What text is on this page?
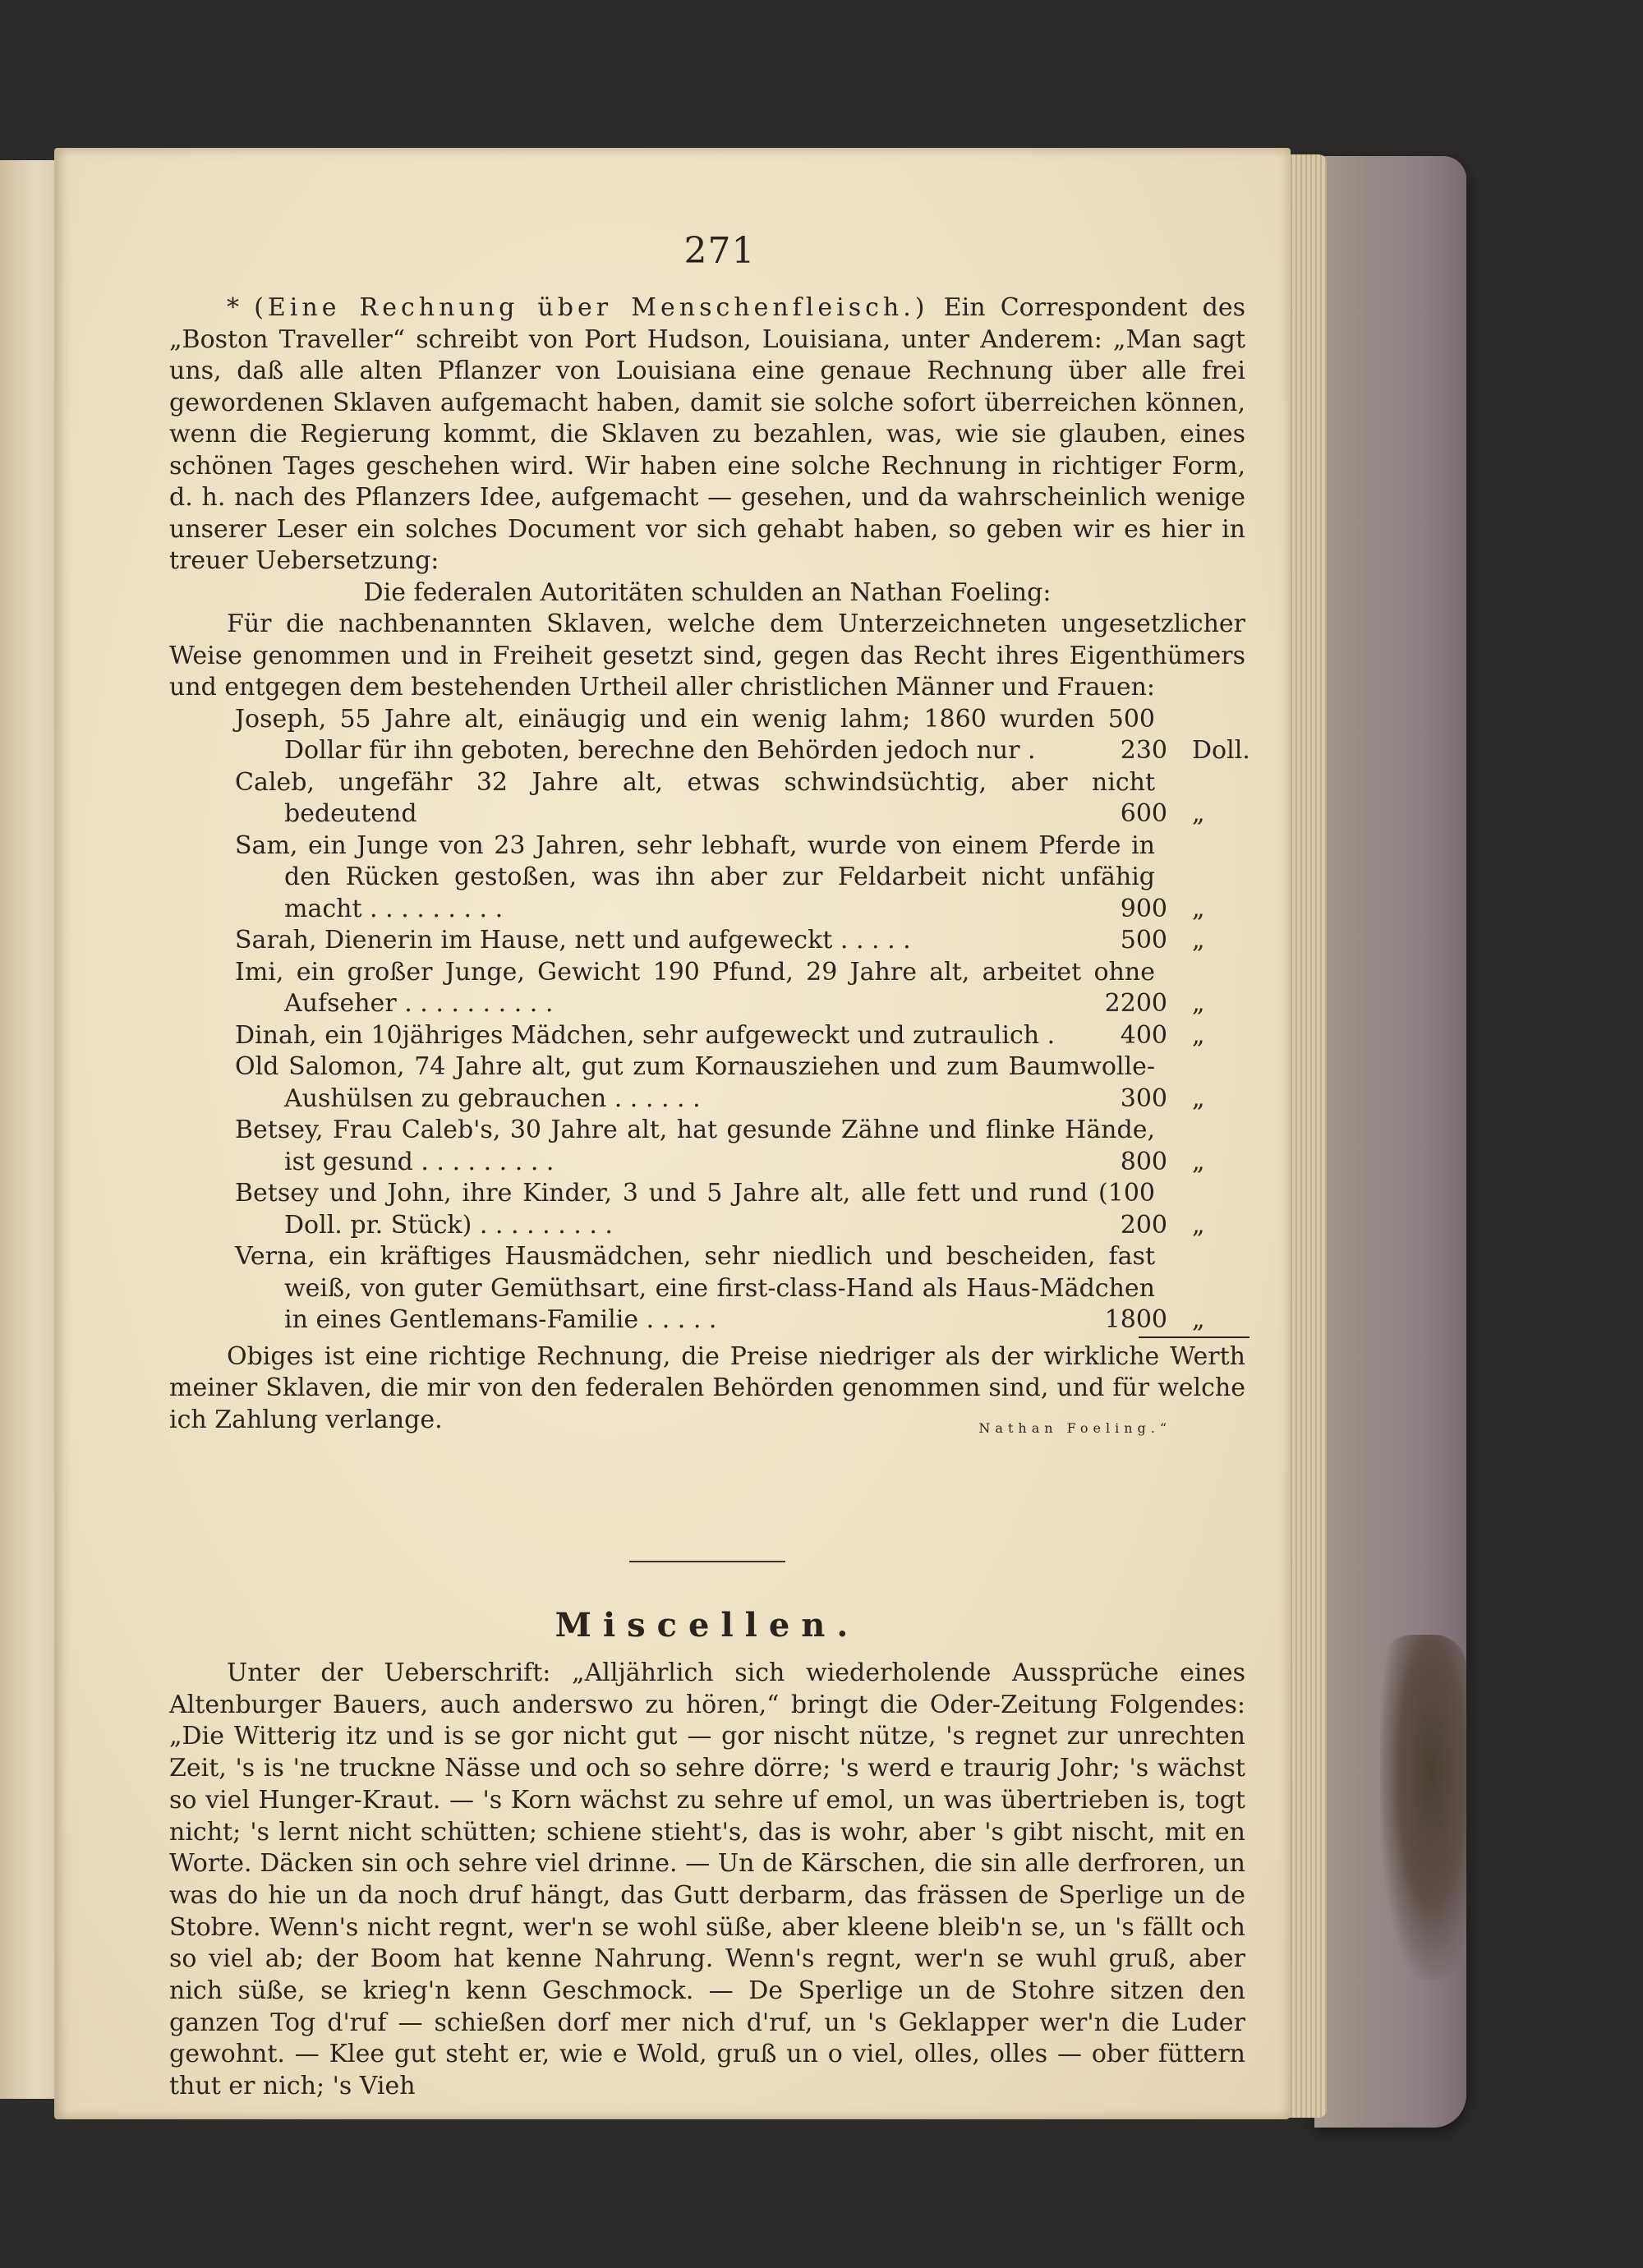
271

* (Eine Rechnung über Menschenfleisch.) Ein Correspondent des „Boston Traveller“ schreibt von Port Hudson, Louisiana, unter Anderem: „Man sagt uns, daß alle alten Pflanzer von Louisiana eine genaue Rechnung über alle frei gewordenen Sklaven aufgemacht haben, damit sie solche sofort überreichen können, wenn die Regierung kommt, die Sklaven zu bezahlen, was, wie sie glauben, eines schönen Tages geschehen wird. Wir haben eine solche Rechnung in richtiger Form, d. h. nach des Pflanzers Idee, aufgemacht — gesehen, und da wahrscheinlich wenige unserer Leser ein solches Document vor sich gehabt haben, so geben wir es hier in treuer Uebersetzung:

Die federalen Autoritäten schulden an Nathan Foeling:

Für die nachbenannten Sklaven, welche dem Unterzeichneten ungesetzlicher Weise genommen und in Freiheit gesetzt sind, gegen das Recht ihres Eigenthümers und entgegen dem bestehenden Urtheil aller christlichen Männer und Frauen:

Joseph, 55 Jahre alt, einäugig und ein wenig lahm; 1860 wurden 500 Dollar für ihn geboten, berechne den Behörden jedoch nur .	230 Doll.
Caleb, ungefähr 32 Jahre alt, etwas schwindsüchtig, aber nicht bedeutend	600 „
Sam, ein Junge von 23 Jahren, sehr lebhaft, wurde von einem Pferde in den Rücken gestoßen, was ihn aber zur Feldarbeit nicht unfähig macht . . . . . . . . .	900 „
Sarah, Dienerin im Hause, nett und aufgeweckt . . . . .	500 „
Imi, ein großer Junge, Gewicht 190 Pfund, 29 Jahre alt, arbeitet ohne Aufseher . . . . . . . . . .	2200 „
Dinah, ein 10jähriges Mädchen, sehr aufgeweckt und zutraulich .	400 „
Old Salomon, 74 Jahre alt, gut zum Kornausziehen und zum Baumwolle-Aushülsen zu gebrauchen . . . . . .	300 „
Betsey, Frau Caleb's, 30 Jahre alt, hat gesunde Zähne und flinke Hände, ist gesund . . . . . . . . .	800 „
Betsey und John, ihre Kinder, 3 und 5 Jahre alt, alle fett und rund (100 Doll. pr. Stück) . . . . . . . . .	200 „
Verna, ein kräftiges Hausmädchen, sehr niedlich und bescheiden, fast weiß, von guter Gemüthsart, eine first-class-Hand als Haus-Mädchen in eines Gentlemans-Familie . . . . .	1800 „

Obiges ist eine richtige Rechnung, die Preise niedriger als der wirkliche Werth meiner Sklaven, die mir von den federalen Behörden genommen sind, und für welche ich Zahlung verlange.	Nathan Foeling.“
Miscellen.

Unter der Ueberschrift: „Alljährlich sich wiederholende Aussprüche eines Altenburger Bauers, auch anderswo zu hören,“ bringt die Oder-Zeitung Folgendes: „Die Witterig itz und is se gor nicht gut — gor nischt nütze, 's regnet zur unrechten Zeit, 's is 'ne truckne Nässe und och so sehre dörre; 's werd e traurig Johr; 's wächst so viel Hunger-Kraut. — 's Korn wächst zu sehre uf emol, un was übertrieben is, togt nicht; 's lernt nicht schütten; schiene stieht's, das is wohr, aber 's gibt nischt, mit en Worte. Däcken sin och sehre viel drinne. — Un de Kärschen, die sin alle derfroren, un was do hie un da noch druf hängt, das Gutt derbarm, das frässen de Sperlige un de Stobre. Wenn's nicht regnt, wer'n se wohl süße, aber kleene bleib'n se, un 's fällt och so viel ab; der Boom hat kenne Nahrung. Wenn's regnt, wer'n se wuhl gruß, aber nich süße, se krieg'n kenn Geschmock. — De Sperlige un de Stohre sitzen den ganzen Tog d'ruf — schießen dorf mer nich d'ruf, un 's Geklapper wer'n die Luder gewohnt. — Klee gut steht er, wie e Wold, gruß un o viel, olles, olles — ober füttern thut er nich; 's Vieh
